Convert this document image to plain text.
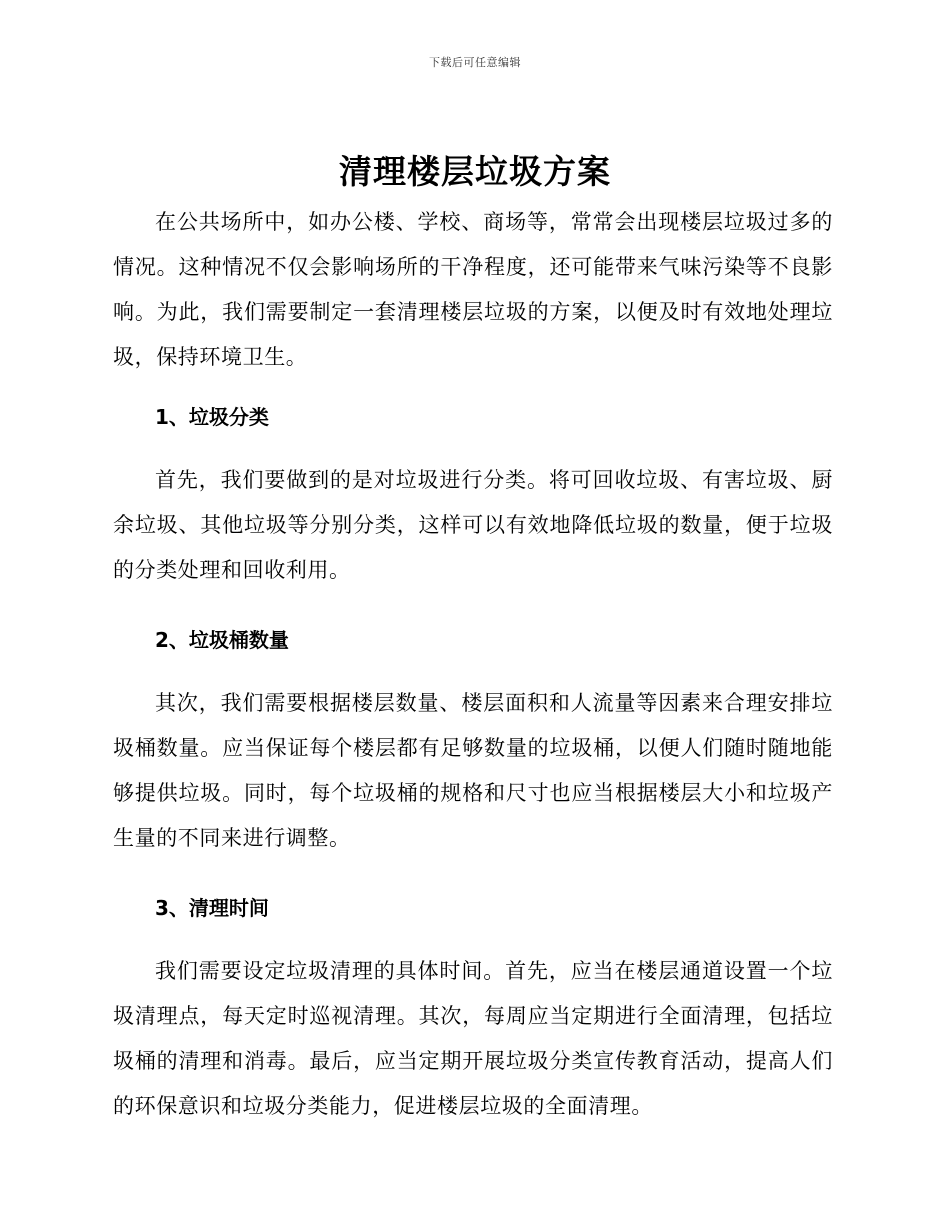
下载后可任意编辑
清理楼层垃圾方案

在公共场所中，如办公楼、学校、商场等，常常会出现楼层垃圾过多的情况。这种情况不仅会影响场所的干净程度，还可能带来气味污染等不良影响。为此，我们需要制定一套清理楼层垃圾的方案，以便及时有效地处理垃圾，保持环境卫生。

1、垃圾分类

首先，我们要做到的是对垃圾进行分类。将可回收垃圾、有害垃圾、厨余垃圾、其他垃圾等分别分类，这样可以有效地降低垃圾的数量，便于垃圾的分类处理和回收利用。

2、垃圾桶数量

其次，我们需要根据楼层数量、楼层面积和人流量等因素来合理安排垃圾桶数量。应当保证每个楼层都有足够数量的垃圾桶，以便人们随时随地能够提供垃圾。同时，每个垃圾桶的规格和尺寸也应当根据楼层大小和垃圾产生量的不同来进行调整。

3、清理时间

我们需要设定垃圾清理的具体时间。首先，应当在楼层通道设置一个垃圾清理点，每天定时巡视清理。其次，每周应当定期进行全面清理，包括垃圾桶的清理和消毒。最后，应当定期开展垃圾分类宣传教育活动，提高人们的环保意识和垃圾分类能力，促进楼层垃圾的全面清理。
